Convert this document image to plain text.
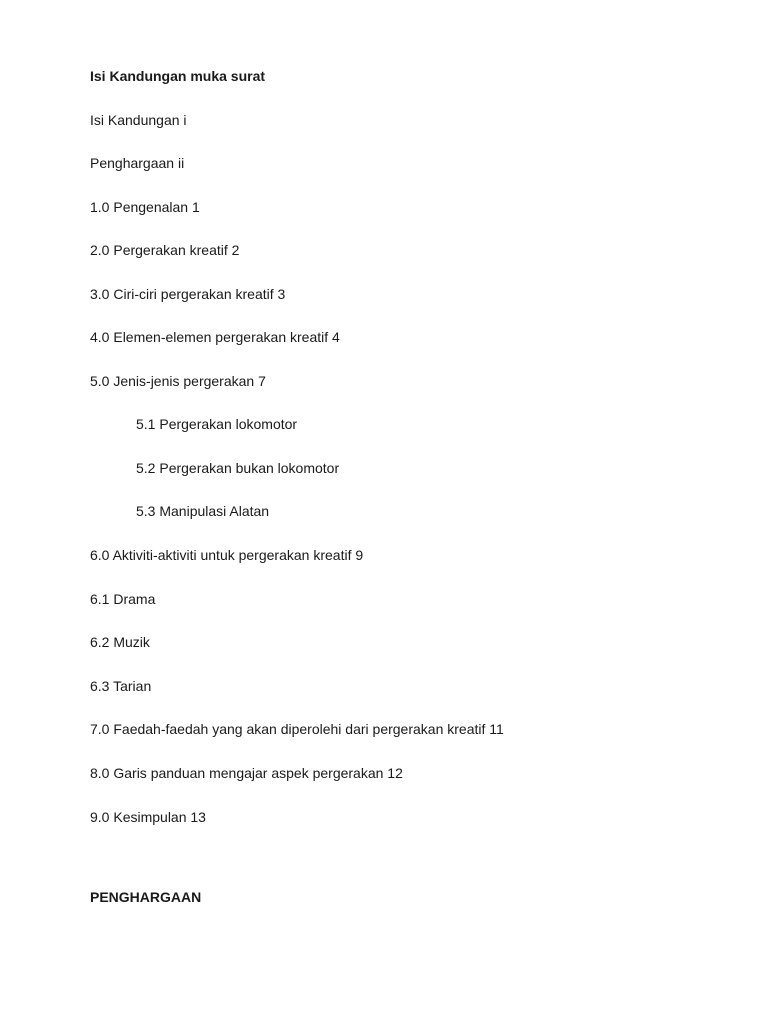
Isi Kandungan muka surat
Isi Kandungan i
Penghargaan ii
1.0 Pengenalan 1
2.0 Pergerakan kreatif 2
3.0 Ciri-ciri pergerakan kreatif 3
4.0 Elemen-elemen pergerakan kreatif 4
5.0 Jenis-jenis pergerakan 7
5.1 Pergerakan lokomotor
5.2 Pergerakan bukan lokomotor
5.3 Manipulasi Alatan
6.0 Aktiviti-aktiviti untuk pergerakan kreatif 9
6.1 Drama
6.2 Muzik
6.3 Tarian
7.0 Faedah-faedah yang akan diperolehi dari pergerakan kreatif 11
8.0 Garis panduan mengajar aspek pergerakan 12
9.0 Kesimpulan 13
PENGHARGAAN
